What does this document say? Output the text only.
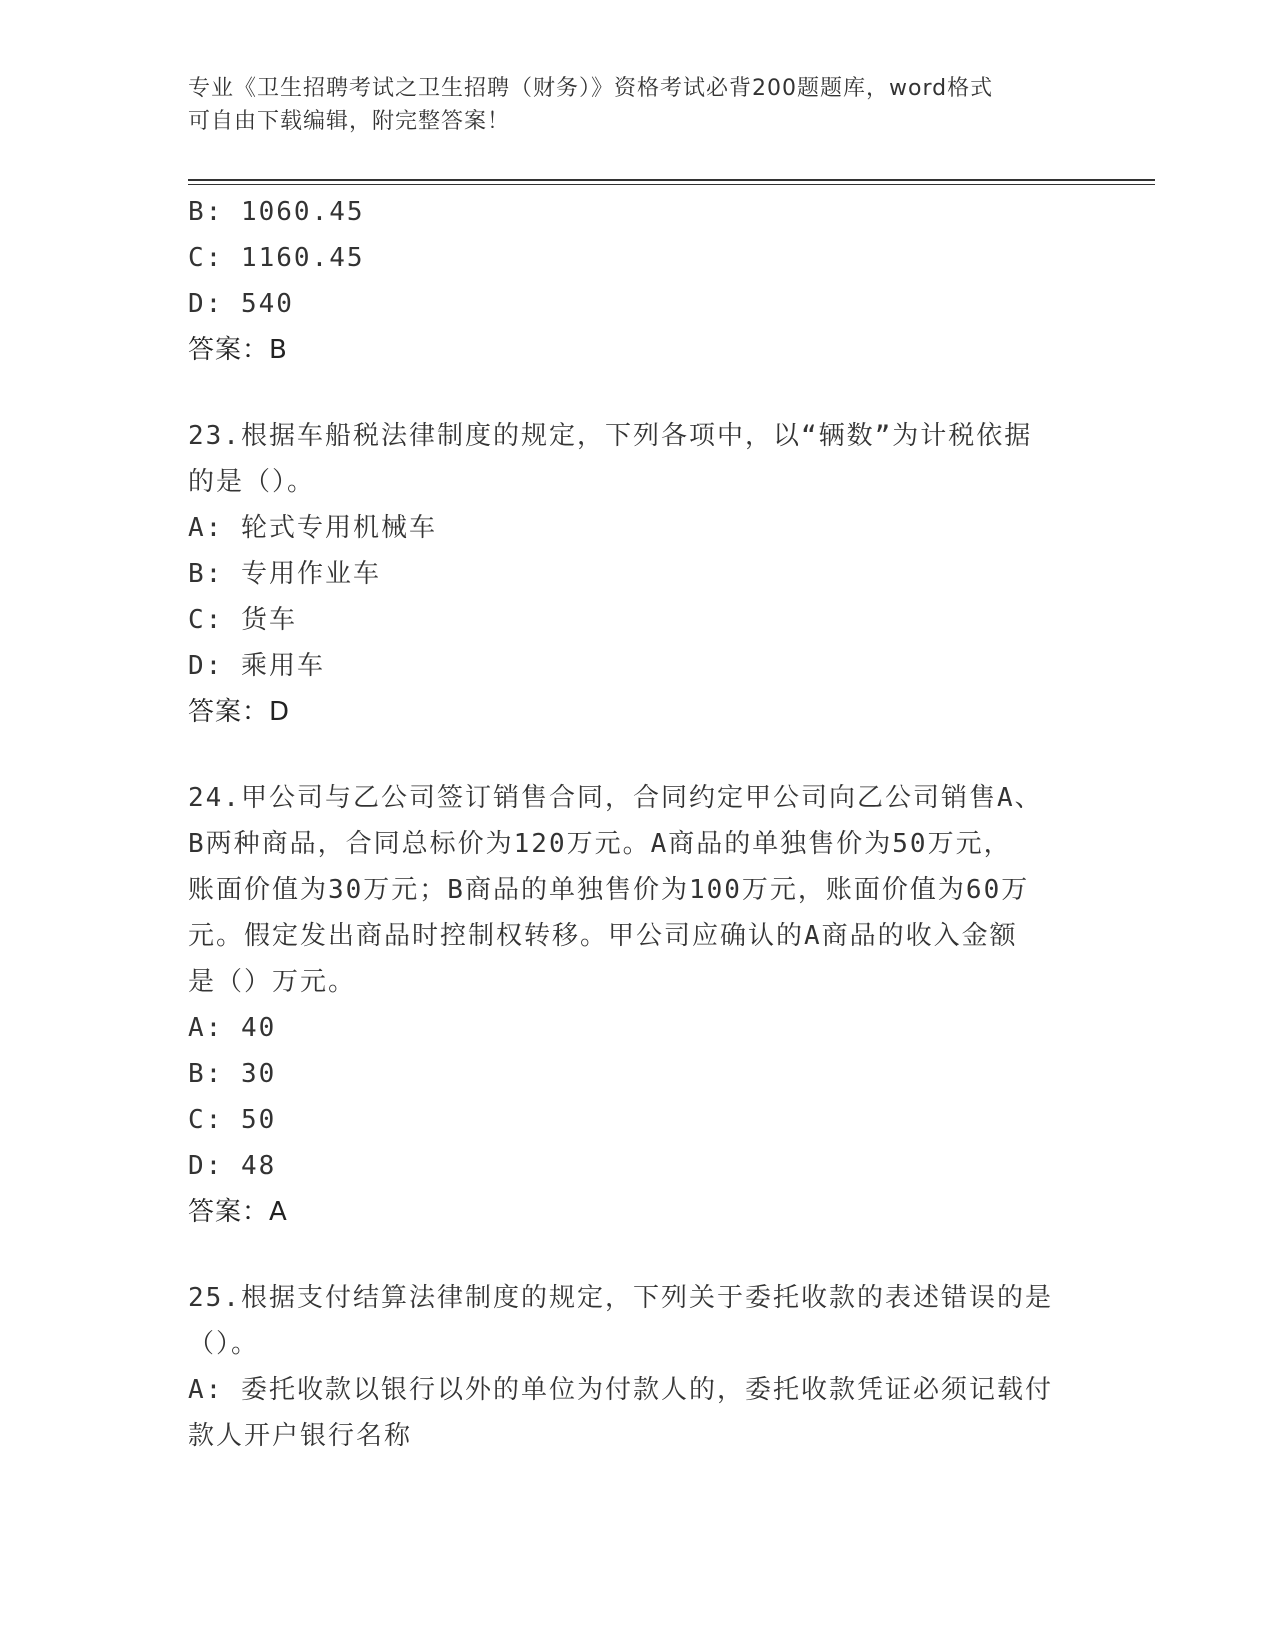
专业《卫生招聘考试之卫生招聘（财务）》资格考试必背200题题库，word格式
可自由下载编辑，附完整答案！
B: 1060.45
C: 1160.45
D: 540
答案：B
23.根据车船税法律制度的规定，下列各项中，以“辆数”为计税依据
的是（）。
A: 轮式专用机械车
B: 专用作业车
C: 货车
D: 乘用车
答案：D
24.甲公司与乙公司签订销售合同，合同约定甲公司向乙公司销售A、
B两种商品，合同总标价为120万元。A商品的单独售价为50万元，
账面价值为30万元；B商品的单独售价为100万元，账面价值为60万
元。假定发出商品时控制权转移。甲公司应确认的A商品的收入金额
是（）万元。
A: 40
B: 30
C: 50
D: 48
答案：A
25.根据支付结算法律制度的规定，下列关于委托收款的表述错误的是
（）。
A: 委托收款以银行以外的单位为付款人的，委托收款凭证必须记载付
款人开户银行名称
